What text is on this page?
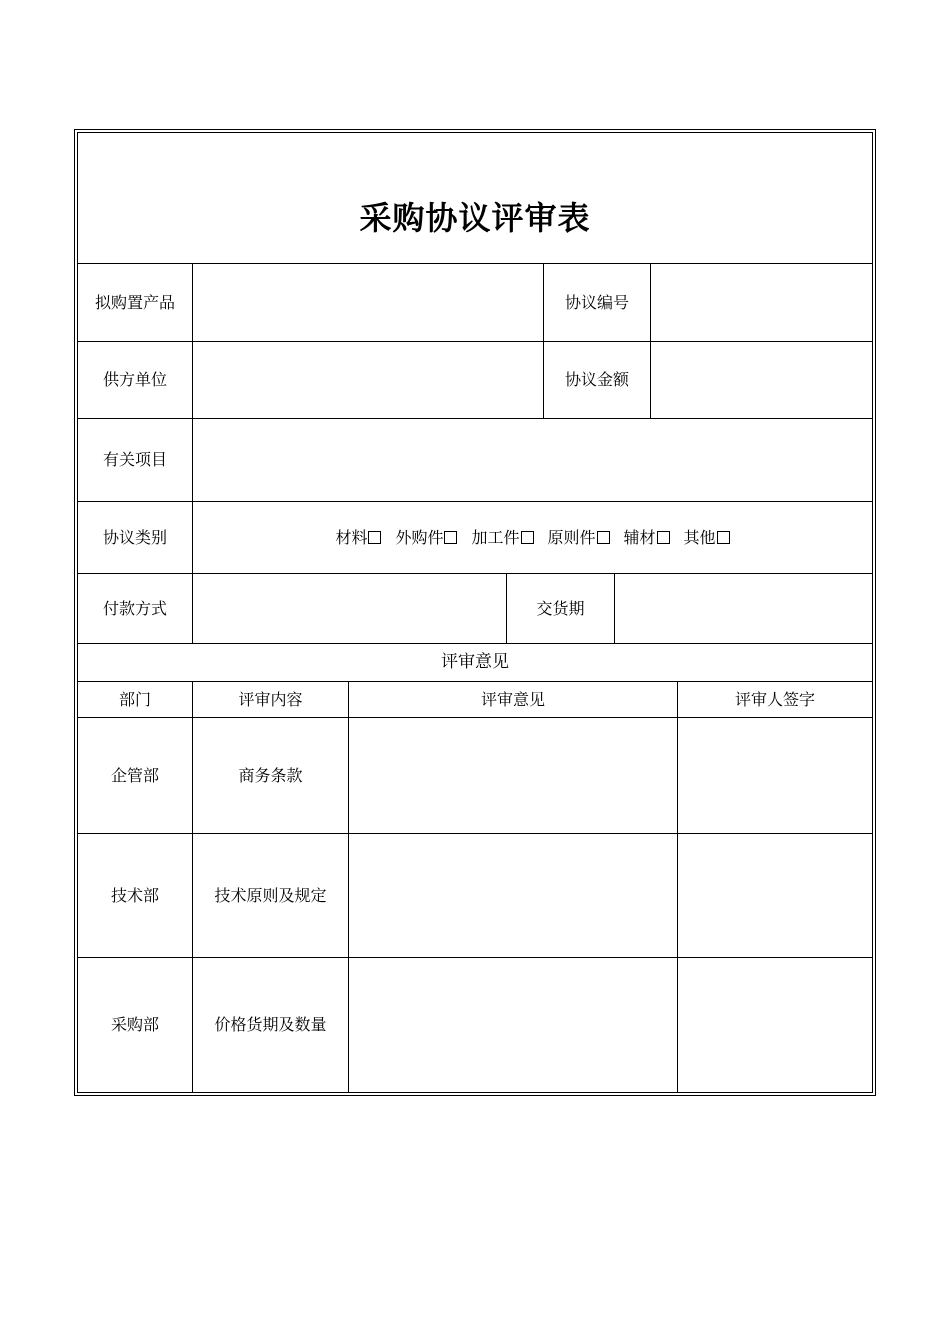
采购协议评审表
拟购置产品	协议编号
供方单位	协议金额
有关项目
协议类别	材料	外购件	加工件	原则件	辅材	其他
付款方式	交货期
评审意见
部门	评审内容	评审意见	评审人签字
企管部	商务条款
技术部	技术原则及规定
采购部	价格货期及数量
